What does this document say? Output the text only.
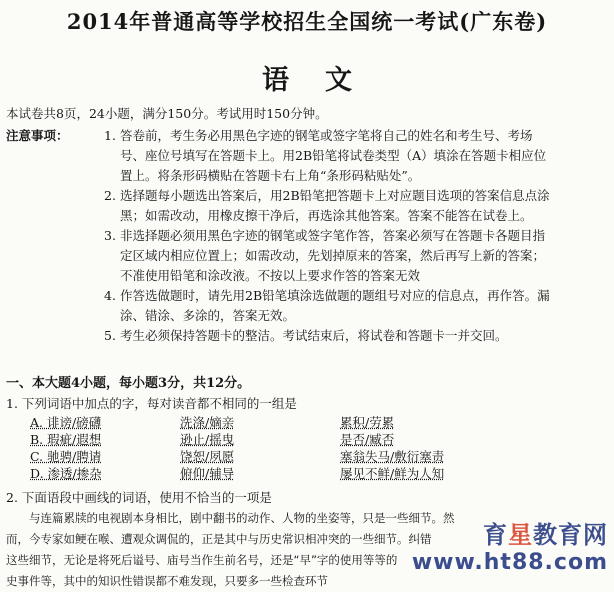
2014年普通高等学校招生全国统一考试(广东卷)
语文
本试卷共8页，24小题，满分150分。考试用时150分钟。
注意事项：	1. 答卷前，考生务必用黑色字迹的钢笔或签字笔将自己的姓名和考生号、考场号、座位号填写在答题卡上。用2B铅笔将试卷类型（A）填涂在答题卡相应位置上。将条形码横贴在答题卡右上角“条形码粘贴处”。
2. 选择题每小题选出答案后，用2B铅笔把答题卡上对应题目选项的答案信息点涂黑；如需改动，用橡皮擦干净后，再选涂其他答案。答案不能答在试卷上。
3. 非选择题必须用黑色字迹的钢笔或签字笔作答，答案必须写在答题卡各题目指定区域内相应位置上；如需改动，先划掉原来的答案，然后再写上新的答案；不准使用铅笔和涂改液。不按以上要求作答的答案无效
4. 作答选做题时，请先用2B铅笔填涂选做题的题组号对应的信息点，再作答。漏涂、错涂、多涂的，答案无效。
5. 考生必须保持答题卡的整洁。考试结束后，将试卷和答题卡一并交回。
一、本大题4小题，每小题3分，共12分。
1. 下列词语中加点的字，每对读音都不相同的一组是
A. 诽谤/磅礴	洗涤/嫡亲	累积/劳累
B. 瑕疵/遐想	逊止/摇曳	是否/臧否
C. 驰骋/聘请	饶恕/夙愿	塞翁失马/敷衍塞责
D. 渗透/掺杂	俯仰/辅导	屡见不鲜/鲜为人知
2. 下面语段中画线的词语，使用不恰当的一项是
　　与连篇累牍的电视剧本身相比，剧中翻书的动作、人物的坐姿等，只是一些细节。然
而，今专家如鲠在喉、遭观众调侃的，正是其中与历史常识相冲突的一些细节。纠错
这些细节，无论是将死后谥号、庙号当作生前名号，还是“早”字的使用等等的
史事件等，其中的知识性错误都不难发现，只要多一些检查环节
育星教育网
www.ht88.com
